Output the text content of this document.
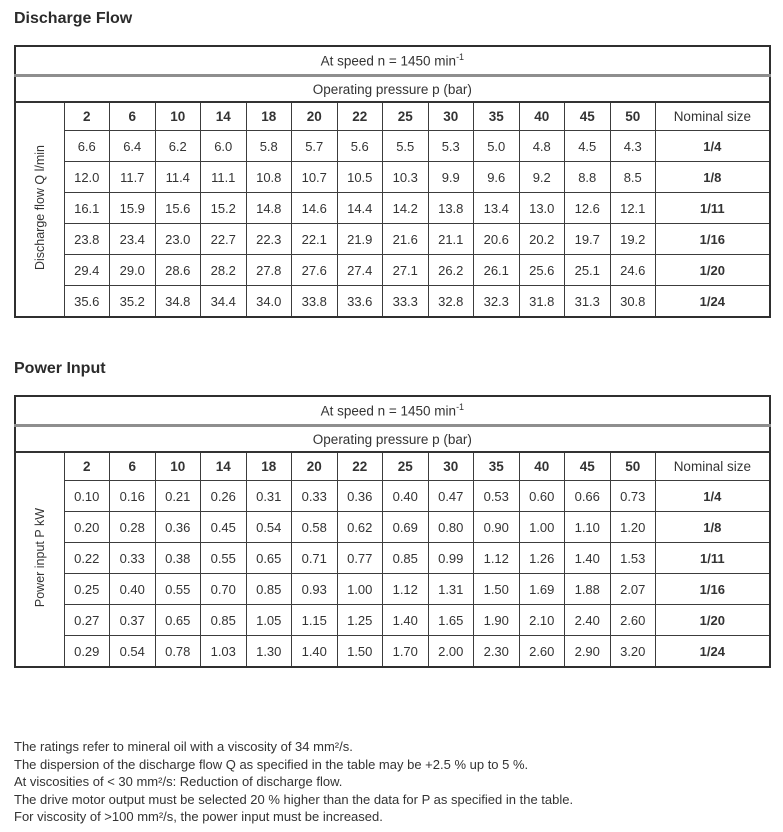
Discharge Flow
At speed n = 1450 $\min^{-1}$
Operating pressure p (bar)														
Discharge flow Q l/min	2	6	10	14	18	20	22	25	30	35	40	45	50	Nominal size
	6.6	6.4	6.2	6.0	5.8	5.7	5.6	5.5	5.3	5.0	4.8	4.5	4.3	1/4
	12.0	11.7	11.4	11.1	10.8	10.7	10.5	10.3	9.9	9.6	9.2	8.8	8.5	1/8
	16.1	15.9	15.6	15.2	14.8	14.6	14.4	14.2	13.8	13.4	13.0	12.6	12.1	1/11
	23.8	23.4	23.0	22.7	22.3	22.1	21.9	21.6	21.1	20.6	20.2	19.7	19.2	1/16
	29.4	29.0	28.6	28.2	27.8	27.6	27.4	27.1	26.2	26.1	25.6	25.1	24.6	1/20
	35.6	35.2	34.8	34.4	34.0	33.8	33.6	33.3	32.8	32.3	31.8	31.3	30.8	1/24
Power Input
At speed n = 1450 $\min^{-1}$
Operating pressure p (bar)														
Power input P kW	2	6	10	14	18	20	22	25	30	35	40	45	50	Nominal size
	0.10	0.16	0.21	0.26	0.31	0.33	0.36	0.40	0.47	0.53	0.60	0.66	0.73	1/4
	0.20	0.28	0.36	0.45	0.54	0.58	0.62	0.69	0.80	0.90	1.00	1.10	1.20	1/8
	0.22	0.33	0.38	0.55	0.65	0.71	0.77	0.85	0.99	1.12	1.26	1.40	1.53	1/11
	0.25	0.40	0.55	0.70	0.85	0.93	1.00	1.12	1.31	1.50	1.69	1.88	2.07	1/16
	0.27	0.37	0.65	0.85	1.05	1.15	1.25	1.40	1.65	1.90	2.10	2.40	2.60	1/20
	0.29	0.54	0.78	1.03	1.30	1.40	1.50	1.70	2.00	2.30	2.60	2.90	3.20	1/24

The ratings refer to mineral oil with a viscosity of 34 mm²/s.

The dispersion of the discharge flow Q as specified in the table may be +2.5 % up to 5 %.

At viscosities of < 30 mm²/s: Reduction of discharge flow.

The drive motor output must be selected 20 % higher than the data for P as specified in the table.

For viscosity of >100 mm²/s, the power input must be increased.
